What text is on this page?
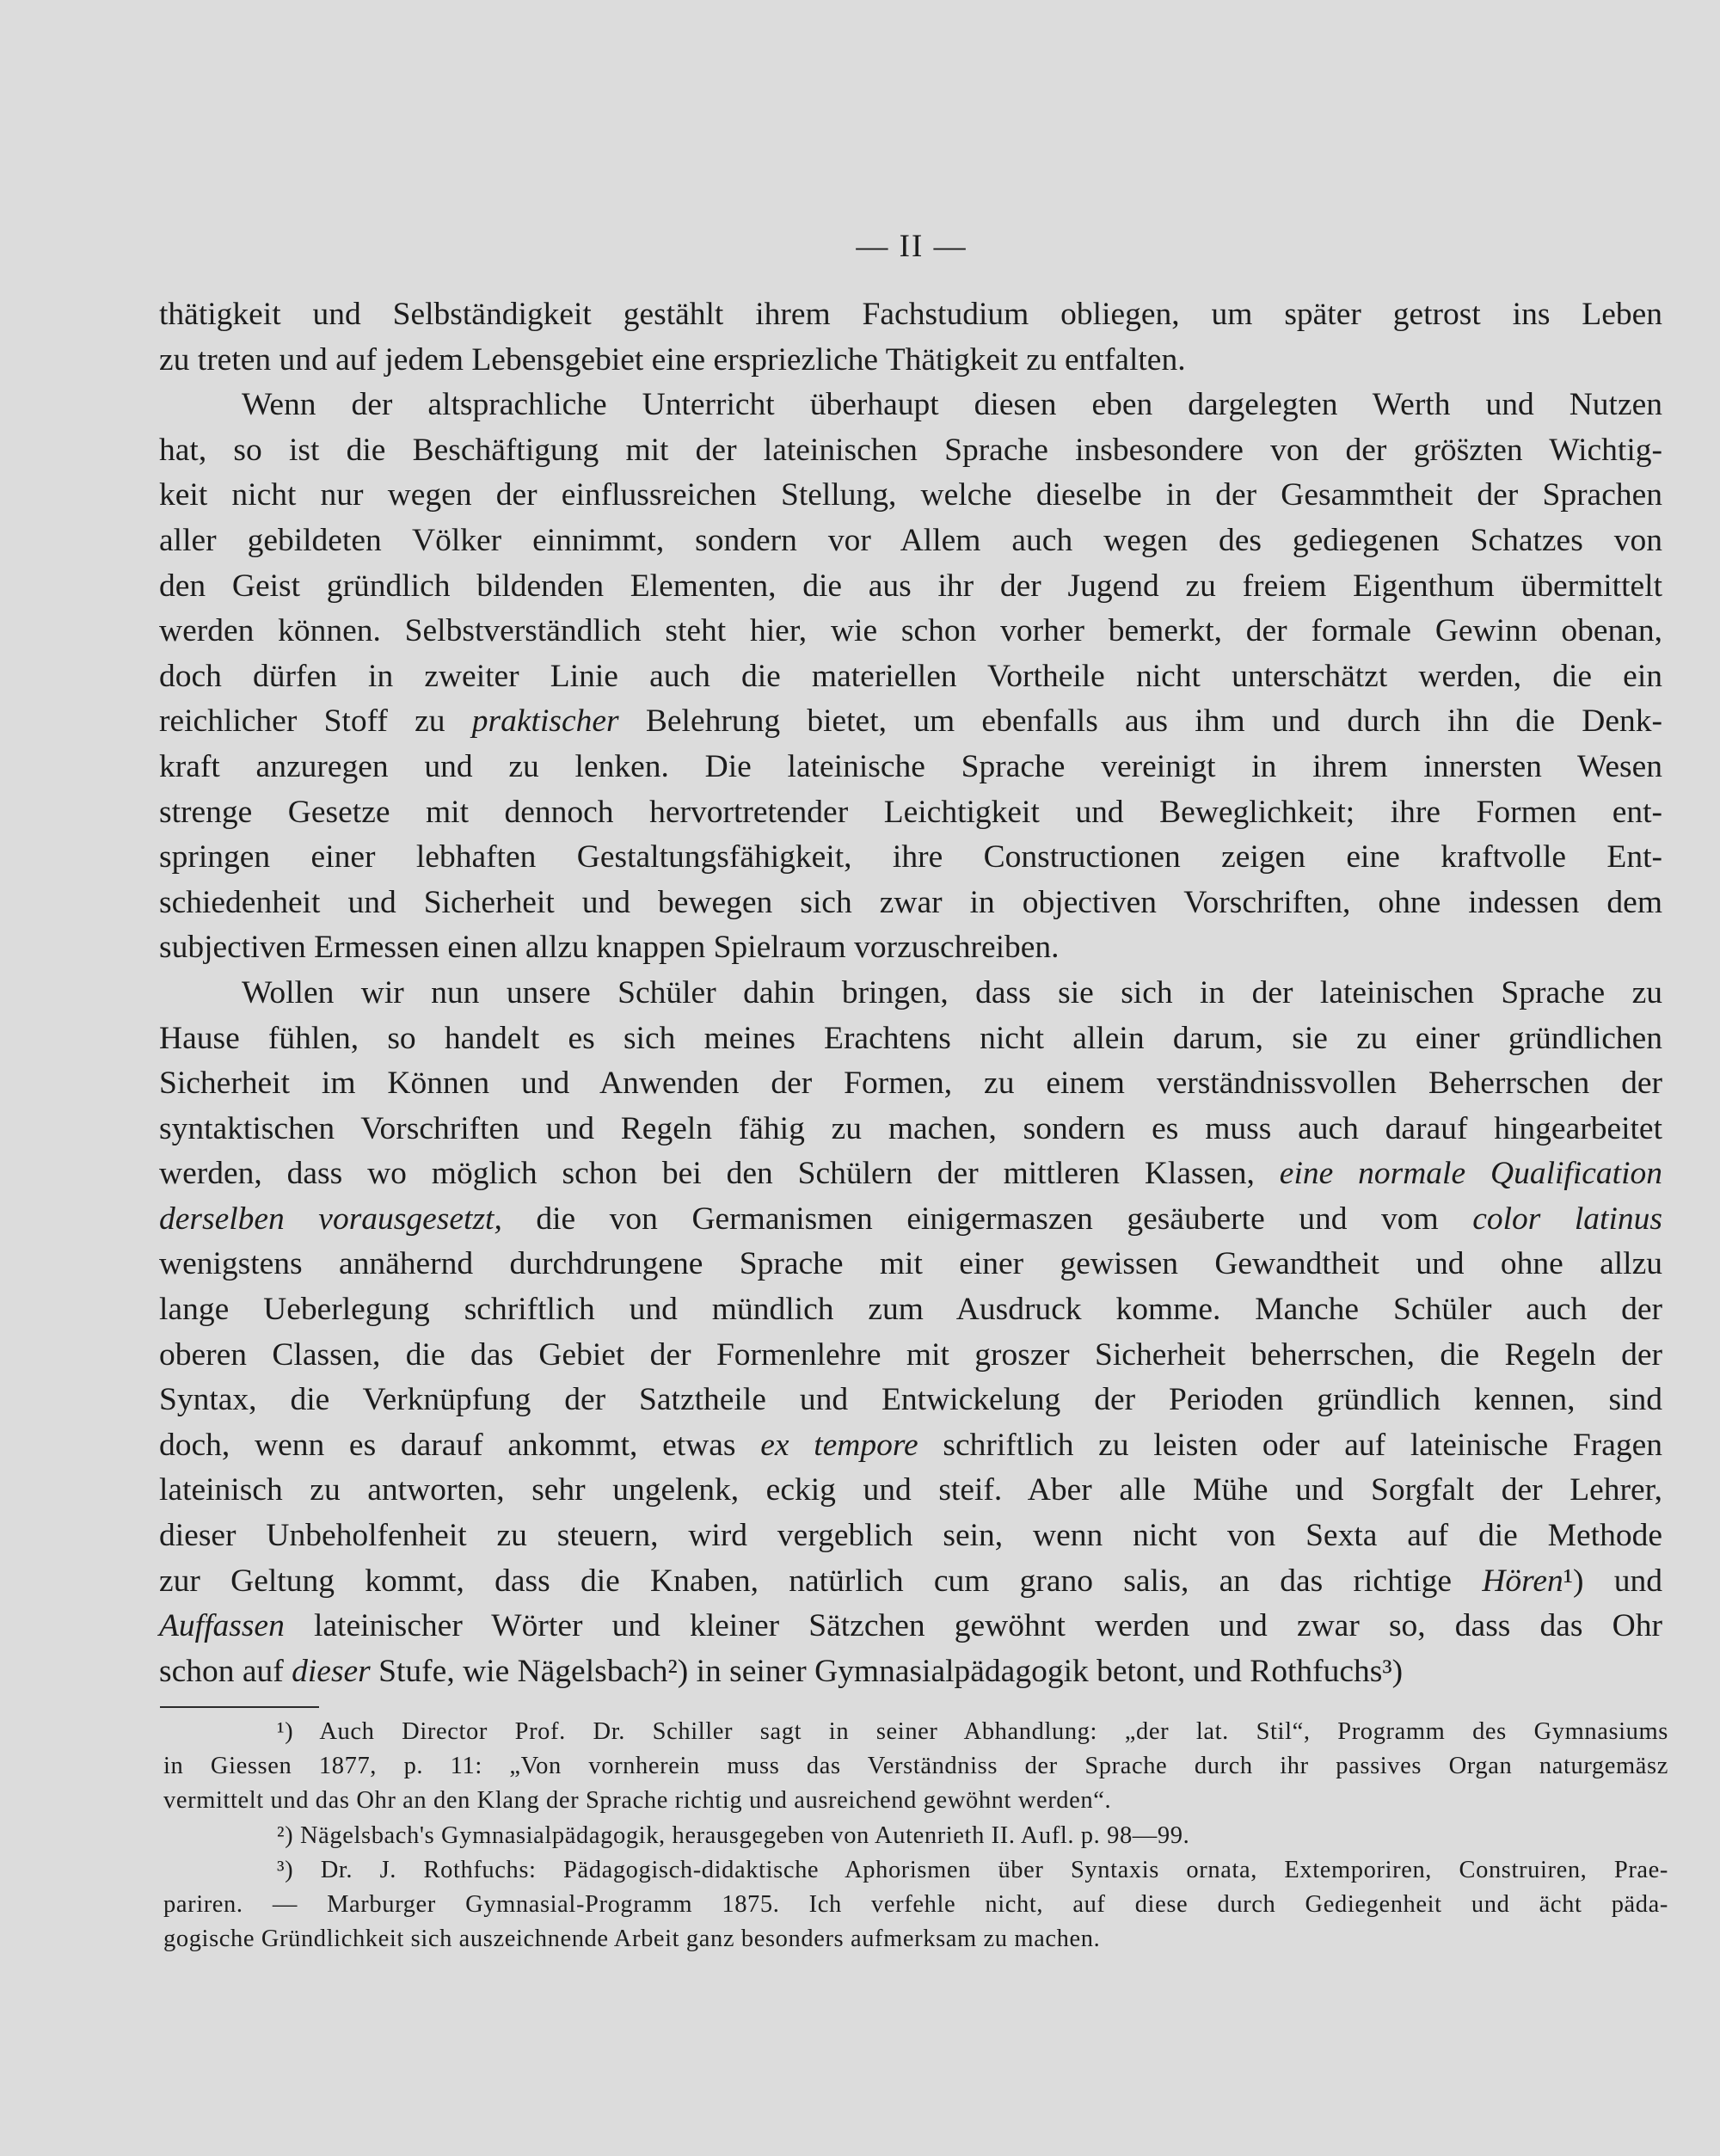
— II —
thätigkeit und Selbständigkeit gestählt ihrem Fachstudium obliegen, um später getrost ins Leben
zu treten und auf jedem Lebensgebiet eine erspriezliche Thätigkeit zu entfalten.
Wenn der altsprachliche Unterricht überhaupt diesen eben dargelegten Werth und Nutzen
hat, so ist die Beschäftigung mit der lateinischen Sprache insbesondere von der grös̈zten Wichtig-
keit nicht nur wegen der einflussreichen Stellung, welche dieselbe in der Gesammtheit der Sprachen
aller gebildeten Völker einnimmt, sondern vor Allem auch wegen des gediegenen Schatzes von
den Geist gründlich bildenden Elementen, die aus ihr der Jugend zu freiem Eigenthum übermittelt
werden können. Selbstverständlich steht hier, wie schon vorher bemerkt, der formale Gewinn obenan,
doch dürfen in zweiter Linie auch die materiellen Vortheile nicht unterschätzt werden, die ein
reichlicher Stoff zu praktischer Belehrung bietet, um ebenfalls aus ihm und durch ihn die Denk-
kraft anzuregen und zu lenken. Die lateinische Sprache vereinigt in ihrem innersten Wesen
strenge Gesetze mit dennoch hervortretender Leichtigkeit und Beweglichkeit; ihre Formen ent-
springen einer lebhaften Gestaltungsfähigkeit, ihre Constructionen zeigen eine kraftvolle Ent-
schiedenheit und Sicherheit und bewegen sich zwar in objectiven Vorschriften, ohne indessen dem
subjectiven Ermessen einen allzu knappen Spielraum vorzuschreiben.
Wollen wir nun unsere Schüler dahin bringen, dass sie sich in der lateinischen Sprache zu
Hause fühlen, so handelt es sich meines Erachtens nicht allein darum, sie zu einer gründlichen
Sicherheit im Können und Anwenden der Formen, zu einem verständnissvollen Beherrschen der
syntaktischen Vorschriften und Regeln fähig zu machen, sondern es muss auch darauf hingearbeitet
werden, dass wo möglich schon bei den Schülern der mittleren Klassen, eine normale Qualification
derselben vorausgesetzt, die von Germanismen einigermaszen gesäuberte und vom color latinus
wenigstens annähernd durchdrungene Sprache mit einer gewissen Gewandtheit und ohne allzu
lange Ueberlegung schriftlich und mündlich zum Ausdruck komme. Manche Schüler auch der
oberen Classen, die das Gebiet der Formenlehre mit groszer Sicherheit beherrschen, die Regeln der
Syntax, die Verknüpfung der Satztheile und Entwickelung der Perioden gründlich kennen, sind
doch, wenn es darauf ankommt, etwas ex tempore schriftlich zu leisten oder auf lateinische Fragen
lateinisch zu antworten, sehr ungelenk, eckig und steif. Aber alle Mühe und Sorgfalt der Lehrer,
dieser Unbeholfenheit zu steuern, wird vergeblich sein, wenn nicht von Sexta auf die Methode
zur Geltung kommt, dass die Knaben, natürlich cum grano salis, an das richtige Hören¹) und
Auffassen lateinischer Wörter und kleiner Sätzchen gewöhnt werden und zwar so, dass das Ohr
schon auf dieser Stufe, wie Nägelsbach²) in seiner Gymnasialpädagogik betont, und Rothfuchs³)
¹) Auch Director Prof. Dr. Schiller sagt in seiner Abhandlung: „der lat. Stil“, Programm des Gymnasiums
in Giessen 1877, p. 11: „Von vornherein muss das Verständniss der Sprache durch ihr passives Organ naturgemäsz
vermittelt und das Ohr an den Klang der Sprache richtig und ausreichend gewöhnt werden“.
²) Nägelsbach's Gymnasialpädagogik, herausgegeben von Autenrieth II. Aufl. p. 98—99.
³) Dr. J. Rothfuchs: Pädagogisch-didaktische Aphorismen über Syntaxis ornata, Extemporiren, Construiren, Prae-
pariren. — Marburger Gymnasial-Programm 1875. Ich verfehle nicht, auf diese durch Gediegenheit und ächt päda-
gogische Gründlichkeit sich auszeichnende Arbeit ganz besonders aufmerksam zu machen.
